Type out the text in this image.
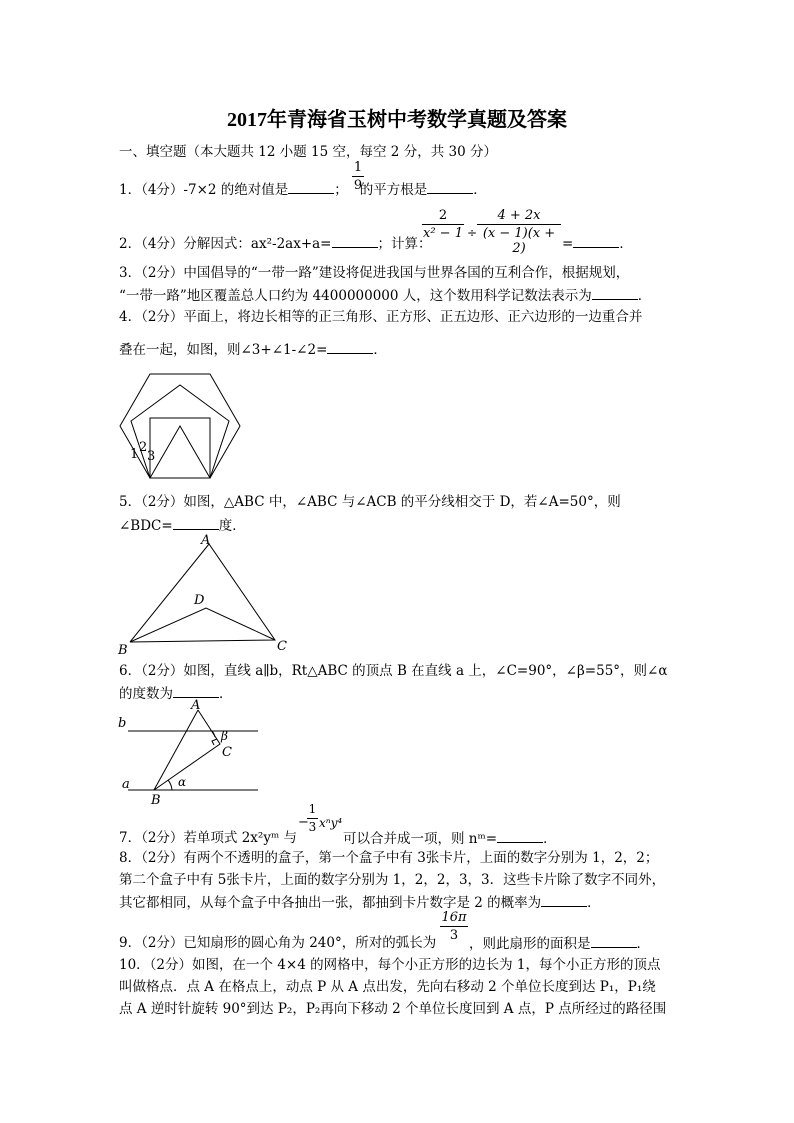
2017年青海省玉树中考数学真题及答案
一、填空题（本大题共 12 小题 15 空，每空 2 分，共 30 分）
1．（4分）-7×2 的绝对值是	； 的平方根是	．
1
9
2．（4分）分解因式：ax²-2ax+a=	；计算：
2
x² − 1 ÷
4 + 2x
(x − 1)(x + 2)	=	．
3．（2分）中国倡导的“一带一路”建设将促进我国与世界各国的互利合作，根据规划，
“一带一路”地区覆盖总人口约为 4400000000 人，这个数用科学记数法表示为	．
4．（2分）平面上，将边长相等的正三角形、正方形、正五边形、正六边形的一边重合并
叠在一起，如图，则∠3+∠1-∠2=	．
1 2
3
5．（2分）如图，△ABC 中，∠ABC 与∠ACB 的平分线相交于 D，若∠A=50°，则
∠BDC=	度．
A
D
B	C
6．（2分）如图，直线 a∥b，Rt△ABC 的顶点 B 在直线 a 上，∠C=90°，∠β=55°，则∠α
的度数为	．
b
A
β
C
a
B
α
7．（2分）若单项式 2x²yᵐ 与
−
1
3 xⁿy⁴
可以合并成一项，则 nᵐ=	．
8．（2分）有两个不透明的盒子，第一个盒子中有 3张卡片，上面的数字分别为 1，2，2；
第二个盒子中有 5张卡片，上面的数字分别为 1，2，2，3，3．这些卡片除了数字不同外，
其它都相同，从每个盒子中各抽出一张，都抽到卡片数字是 2 的概率为	．
9．（2分）已知扇形的圆心角为 240°，所对的弧长为
16π
3
，则此扇形的面积是	．
10．（2分）如图，在一个 4×4 的网格中，每个小正方形的边长为 1，每个小正方形的顶点
叫做格点．点 A 在格点上，动点 P 从 A 点出发，先向右移动 2 个单位长度到达 P₁，P₁绕
点 A 逆时针旋转 90°到达 P₂，P₂再向下移动 2 个单位长度回到 A 点，P 点所经过的路径围
